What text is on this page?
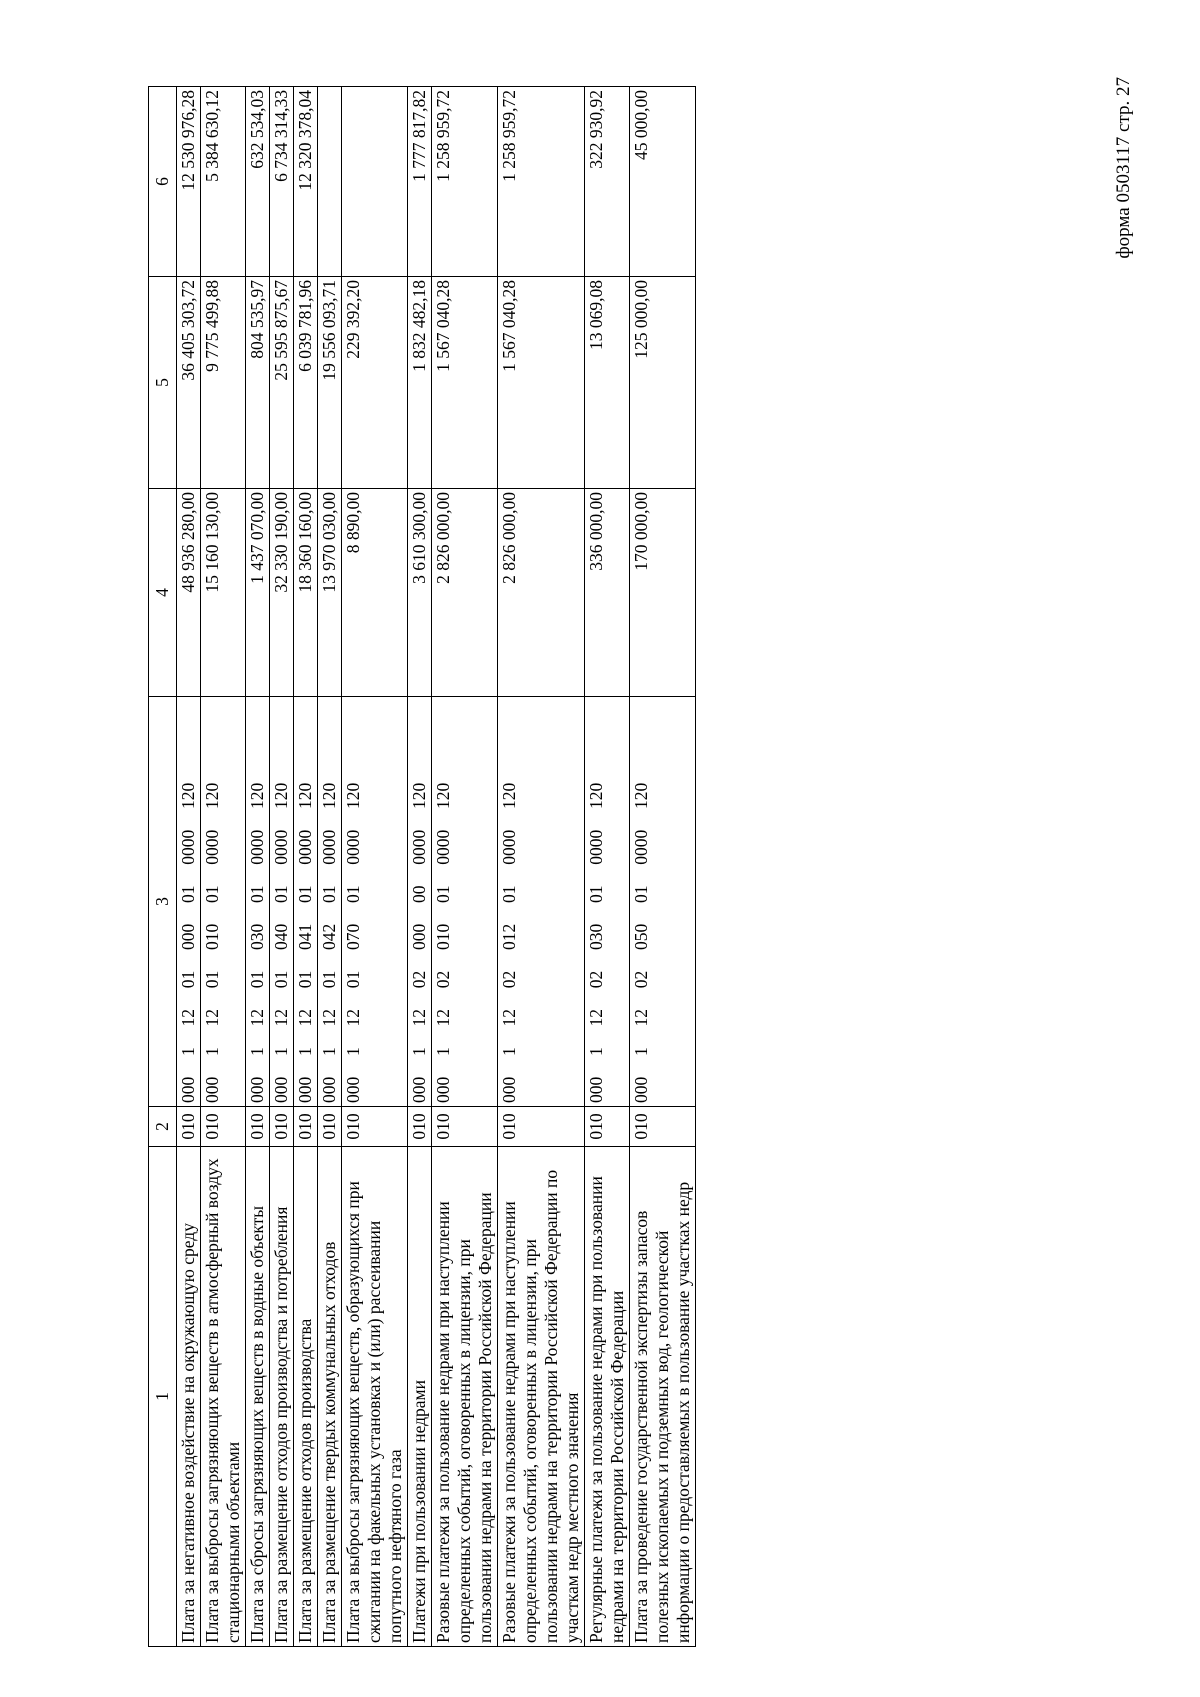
форма 0503117 стр. 27
1	2	3	4	5	6
Плата за негативное воздействие на окружающую среду	010	000  1  12  01  000  01  0000  120	48 936 280,00	36 405 303,72	12 530 976,28
Плата за выбросы загрязняющих веществ в атмосферный воздух стационарными объектами	010	000  1  12  01  010  01  0000  120	15 160 130,00	9 775 499,88	5 384 630,12
Плата за сбросы загрязняющих веществ в водные объекты	010	000  1  12  01  030  01  0000  120	1 437 070,00	804 535,97	632 534,03
Плата за размещение отходов производства и потребления	010	000  1  12  01  040  01  0000  120	32 330 190,00	25 595 875,67	6 734 314,33
Плата за размещение отходов производства	010	000  1  12  01  041  01  0000  120	18 360 160,00	6 039 781,96	12 320 378,04
Плата за размещение твердых коммунальных отходов	010	000  1  12  01  042  01  0000  120	13 970 030,00	19 556 093,71	
Плата за выбросы загрязняющих веществ, образующихся при сжигании на факельных установках и (или) рассеивании попутного нефтяного газа	010	000  1  12  01  070  01  0000  120	8 890,00	229 392,20	
Платежи при пользовании недрами	010	000  1  12  02  000  00  0000  120	3 610 300,00	1 832 482,18	1 777 817,82
Разовые платежи за пользование недрами при наступлении определенных событий, оговоренных в лицензии, при пользовании недрами на территории Российской Федерации	010	000  1  12  02  010  01  0000  120	2 826 000,00	1 567 040,28	1 258 959,72
Разовые платежи за пользование недрами при наступлении определенных событий, оговоренных в лицензии, при пользовании недрами на территории Российской Федерации по участкам недр местного значения	010	000  1  12  02  012  01  0000  120	2 826 000,00	1 567 040,28	1 258 959,72
Регулярные платежи за пользование недрами при пользовании недрами на территории Российской Федерации	010	000  1  12  02  030  01  0000  120	336 000,00	13 069,08	322 930,92
Плата за проведение государственной экспертизы запасов полезных ископаемых и подземных вод, геологической информации о предоставляемых в пользование участках недр	010	000  1  12  02  050  01  0000  120	170 000,00	125 000,00	45 000,00
